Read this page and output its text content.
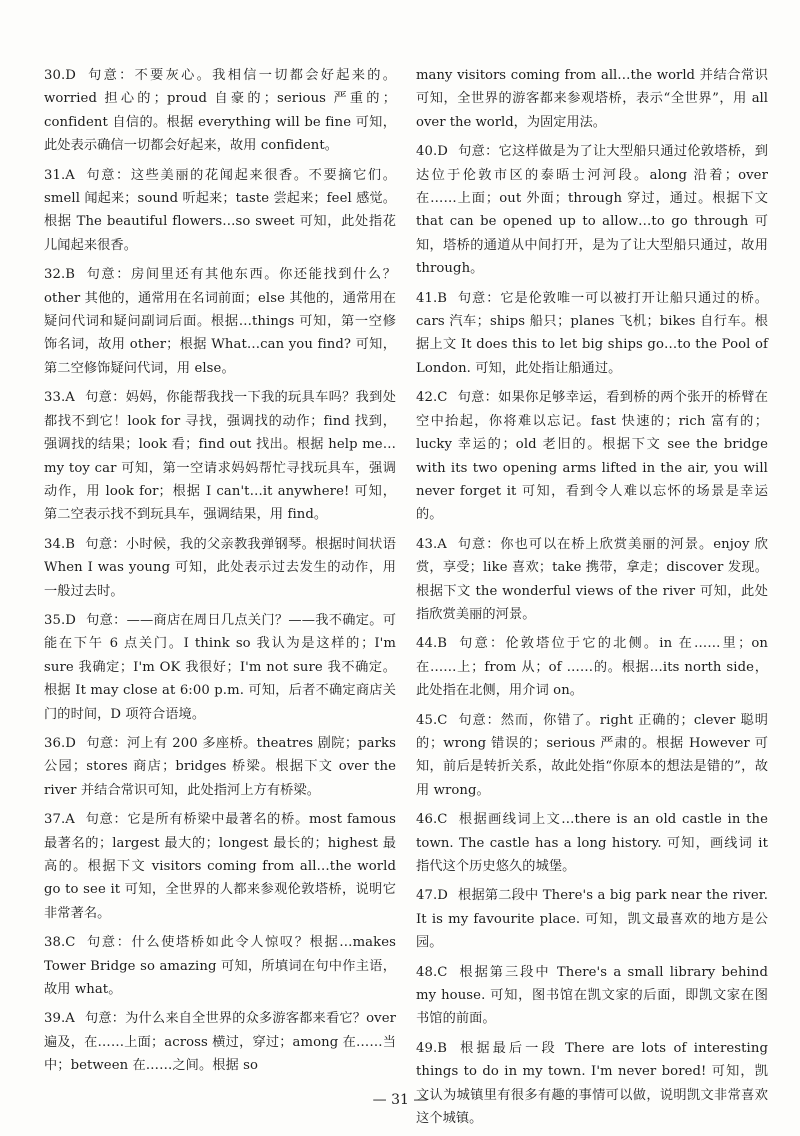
30.D 句意：不要灰心。我相信一切都会好起来的。worried 担心的；proud 自豪的；serious 严重的；confident 自信的。根据 everything will be fine 可知，此处表示确信一切都会好起来，故用 confident。

31.A 句意：这些美丽的花闻起来很香。不要摘它们。smell 闻起来；sound 听起来；taste 尝起来；feel 感觉。根据 The beautiful flowers…so sweet 可知，此处指花儿闻起来很香。

32.B 句意：房间里还有其他东西。你还能找到什么？other 其他的，通常用在名词前面；else 其他的，通常用在疑问代词和疑问副词后面。根据…things 可知，第一空修饰名词，故用 other；根据 What…can you find? 可知，第二空修饰疑问代词，用 else。

33.A 句意：妈妈，你能帮我找一下我的玩具车吗？我到处都找不到它！look for 寻找，强调找的动作；find 找到，强调找的结果；look 看；find out 找出。根据 help me…my toy car 可知，第一空请求妈妈帮忙寻找玩具车，强调动作，用 look for；根据 I can't…it anywhere! 可知，第二空表示找不到玩具车，强调结果，用 find。

34.B 句意：小时候，我的父亲教我弹钢琴。根据时间状语 When I was young 可知，此处表示过去发生的动作，用一般过去时。

35.D 句意：——商店在周日几点关门？——我不确定。可能在下午 6 点关门。I think so 我认为是这样的；I'm sure 我确定；I'm OK 我很好；I'm not sure 我不确定。根据 It may close at 6:00 p.m. 可知，后者不确定商店关门的时间，D 项符合语境。

36.D 句意：河上有 200 多座桥。theatres 剧院；parks 公园；stores 商店；bridges 桥梁。根据下文 over the river 并结合常识可知，此处指河上方有桥梁。

37.A 句意：它是所有桥梁中最著名的桥。most famous 最著名的；largest 最大的；longest 最长的；highest 最高的。根据下文 visitors coming from all…the world go to see it 可知，全世界的人都来参观伦敦塔桥，说明它非常著名。

38.C 句意：什么使塔桥如此令人惊叹？根据…makes Tower Bridge so amazing 可知，所填词在句中作主语，故用 what。

39.A 句意：为什么来自全世界的众多游客都来看它？over 遍及，在……上面；across 横过，穿过；among 在……当中；between 在……之间。根据 so

many visitors coming from all…the world 并结合常识可知，全世界的游客都来参观塔桥，表示“全世界”，用 all over the world，为固定用法。

40.D 句意：它这样做是为了让大型船只通过伦敦塔桥，到达位于伦敦市区的泰晤士河河段。along 沿着；over 在……上面；out 外面；through 穿过，通过。根据下文 that can be opened up to allow…to go through 可知，塔桥的通道从中间打开，是为了让大型船只通过，故用 through。

41.B 句意：它是伦敦唯一可以被打开让船只通过的桥。cars 汽车；ships 船只；planes 飞机；bikes 自行车。根据上文 It does this to let big ships go…to the Pool of London. 可知，此处指让船通过。

42.C 句意：如果你足够幸运，看到桥的两个张开的桥臂在空中抬起，你将难以忘记。fast 快速的；rich 富有的；lucky 幸运的；old 老旧的。根据下文 see the bridge with its two opening arms lifted in the air, you will never forget it 可知，看到令人难以忘怀的场景是幸运的。

43.A 句意：你也可以在桥上欣赏美丽的河景。enjoy 欣赏，享受；like 喜欢；take 携带，拿走；discover 发现。根据下文 the wonderful views of the river 可知，此处指欣赏美丽的河景。

44.B 句意：伦敦塔位于它的北侧。in 在……里；on 在……上；from 从；of ……的。根据…its north side，此处指在北侧，用介词 on。

45.C 句意：然而，你错了。right 正确的；clever 聪明的；wrong 错误的；serious 严肃的。根据 However 可知，前后是转折关系，故此处指“你原本的想法是错的”，故用 wrong。

46.C 根据画线词上文…there is an old castle in the town. The castle has a long history. 可知，画线词 it 指代这个历史悠久的城堡。

47.D 根据第二段中 There's a big park near the river. It is my favourite place. 可知，凯文最喜欢的地方是公园。

48.C 根据第三段中 There's a small library behind my house. 可知，图书馆在凯文家的后面，即凯文家在图书馆的前面。

49.B 根据最后一段 There are lots of interesting things to do in my town. I'm never bored! 可知，凯文认为城镇里有很多有趣的事情可以做，说明凯文非常喜欢这个城镇。

— 31 —
